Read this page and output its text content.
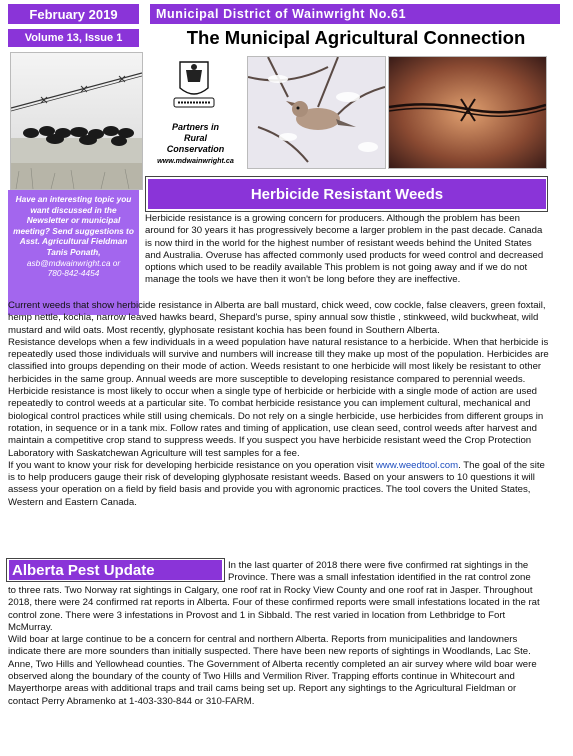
February 2019
Volume 13, Issue 1
Municipal District of Wainwright No.61
The Municipal Agricultural Connection
Partners in
Rural
Conservation
www.mdwainwright.ca
Have an interesting topic you want discussed in the Newsletter or municipal meeting? Send suggestions to Asst. Agricultural Fieldman Tanis Ponath,
asb@mdwainwright.ca or
780-842-4454
Herbicide Resistant Weeds

Herbicide resistance is a growing concern for producers. Although the problem has been around for 30 years it has progressively become a larger problem in the past decade. Canada is now third in the world for the highest number of resistant weeds behind the United States and Australia. Overuse has affected commonly used products for weed control and decreased options which used to be readily available This problem is not going away and if we do not manage the tools we have then it won't be long before they are ineffective.

Current weeds that show herbicide resistance in Alberta are ball mustard, chick weed, cow cockle, false cleavers, green foxtail, hemp nettle, kochia, narrow leaved hawks beard, Shepard's purse, spiny annual sow thistle , stinkweed, wild buckwheat, wild mustard and wild oats. Most recently, glyphosate resistant kochia has been found in Southern Alberta.

Resistance develops when a few individuals in a weed population have natural resistance to a herbicide. When that herbicide is repeatedly used those individuals will survive and numbers will increase till they make up most of the population. Herbicides are classified into groups depending on their mode of action. Weeds resistant to one herbicide will most likely be resistant to other herbicides in the same group. Annual weeds are more susceptible to developing resistance compared to perennial weeds. Herbicide resistance is most likely to occur when a single type of herbicide or herbicide with a single mode of action are used repeatedly to control weeds at a particular site. To combat herbicide resistance you can implement cultural, mechanical and biological control practices while still using chemicals. Do not rely on a single herbicide, use herbicides from different groups in rotation, in sequence or in a tank mix. Follow rates and timing of application, use clean seed, control weeds after harvest and maintain a competitive crop stand to suppress weeds. If you suspect you have herbicide resistant weed the Crop Protection Laboratory with Saskatchewan Agriculture will test samples for a fee.

If you want to know your risk for developing herbicide resistance on you operation visit www.weedtool.com. The goal of the site is to help producers gauge their risk of developing glyphosate resistant weeds. Based on your answers to 10 questions it will assess your operation on a field by field basis and provide you with agronomic practices. The tool covers the United States, Western and Eastern Canada.

Alberta Pest Update	In the last quarter of 2018 there were five confirmed rat sightings in the Province. There was a small infestation identified in the rat control zone

to three rats. Two Norway rat sightings in Calgary, one roof rat in Rocky View County and one roof rat in Jasper. Throughout 2018, there were 24 confirmed rat reports in Alberta. Four of these confirmed reports were small infestations located in the rat control zone. There were 3 infestations in Provost and 1 in Sibbald. The rest varied in location from Lethbridge to Fort McMurray.

Wild boar at large continue to be a concern for central and northern Alberta. Reports from municipalities and landowners indicate there are more sounders than initially suspected. There have been new reports of sightings in Woodlands, Lac Ste. Anne, Two Hills and Yellowhead counties. The Government of Alberta recently completed an air survey where wild boar were observed along the boundary of the county of Two Hills and Vermilion River. Trapping efforts continue in Whitecourt and Mayerthorpe areas with additional traps and trail cams being set up. Report any sightings to the Agricultural Fieldman or contact Perry Abramenko at 1-403-330-844 or 310-FARM.
